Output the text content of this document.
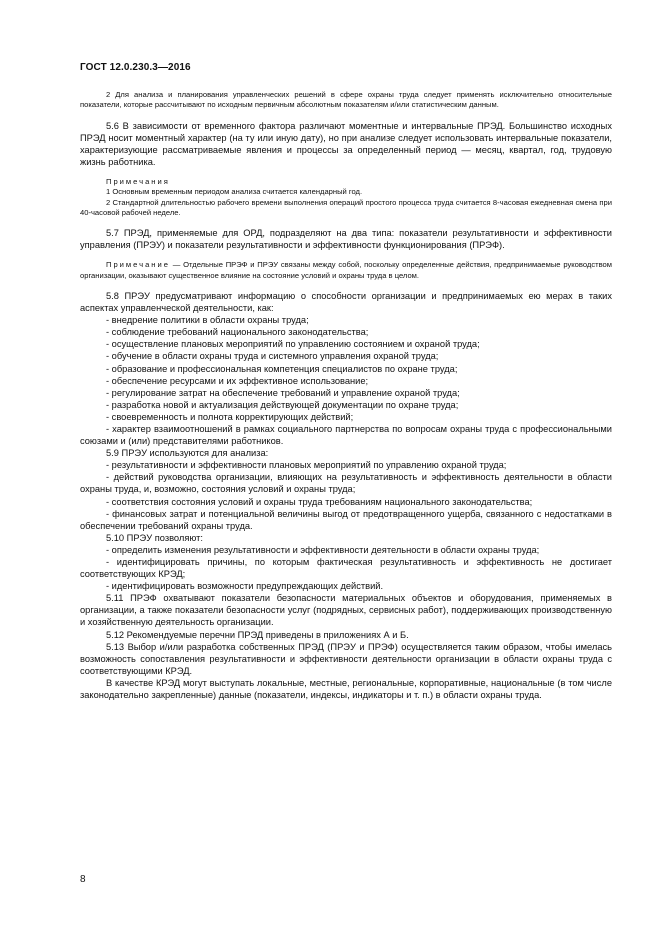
ГОСТ 12.0.230.3—2016

2 Для анализа и планирования управленческих решений в сфере охраны труда следует применять исключительно относительные показатели, которые рассчитывают по исходным первичным абсолютным показателям и/или статистическим данным.

5.6 В зависимости от временного фактора различают моментные и интервальные ПРЭД. Большинство исходных ПРЭД носит моментный характер (на ту или иную дату), но при анализе следует использовать интервальные показатели, характеризующие рассматриваемые явления и процессы за определенный период — месяц, квартал, год, трудовую жизнь работника.

Примечания

1 Основным временным периодом анализа считается календарный год.

2 Стандартной длительностью рабочего времени выполнения операций простого процесса труда считается 8-часовая ежедневная смена при 40-часовой рабочей неделе.

5.7 ПРЭД, применяемые для ОРД, подразделяют на два типа: показатели результативности и эффективности управления (ПРЭУ) и показатели результативности и эффективности функционирования (ПРЭФ).

Примечание — Отдельные ПРЭФ и ПРЭУ связаны между собой, поскольку определенные действия, предпринимаемые руководством организации, оказывают существенное влияние на состояние условий и охраны труда в целом.

5.8 ПРЭУ предусматривают информацию о способности организации и предпринимаемых ею мерах в таких аспектах управленческой деятельности, как:

- внедрение политики в области охраны труда;

- соблюдение требований национального законодательства;

- осуществление плановых мероприятий по управлению состоянием и охраной труда;

- обучение в области охраны труда и системного управления охраной труда;

- образование и профессиональная компетенция специалистов по охране труда;

- обеспечение ресурсами и их эффективное использование;

- регулирование затрат на обеспечение требований и управление охраной труда;

- разработка новой и актуализация действующей документации по охране труда;

- своевременность и полнота корректирующих действий;

- характер взаимоотношений в рамках социального партнерства по вопросам охраны труда с профессиональными союзами и (или) представителями работников.

5.9 ПРЭУ используются для анализа:

- результативности и эффективности плановых мероприятий по управлению охраной труда;

- действий руководства организации, влияющих на результативность и эффективность деятельности в области охраны труда, и, возможно, состояния условий и охраны труда;

- соответствия состояния условий и охраны труда требованиям национального законодательства;

- финансовых затрат и потенциальной величины выгод от предотвращенного ущерба, связанного с недостатками в обеспечении требований охраны труда.

5.10 ПРЭУ позволяют:

- определить изменения результативности и эффективности деятельности в области охраны труда;

- идентифицировать причины, по которым фактическая результативность и эффективность не достигает соответствующих КРЭД;

- идентифицировать возможности предупреждающих действий.

5.11 ПРЭФ охватывают показатели безопасности материальных объектов и оборудования, применяемых в организации, а также показатели безопасности услуг (подрядных, сервисных работ), поддерживающих производственную и хозяйственную деятельность организации.

5.12 Рекомендуемые перечни ПРЭД приведены в приложениях А и Б.

5.13 Выбор и/или разработка собственных ПРЭД (ПРЭУ и ПРЭФ) осуществляется таким образом, чтобы имелась возможность сопоставления результативности и эффективности деятельности организации в области охраны труда с соответствующими КРЭД.

В качестве КРЭД могут выступать локальные, местные, региональные, корпоративные, национальные (в том числе законодательно закрепленные) данные (показатели, индексы, индикаторы и т. п.) в области охраны труда.

8
